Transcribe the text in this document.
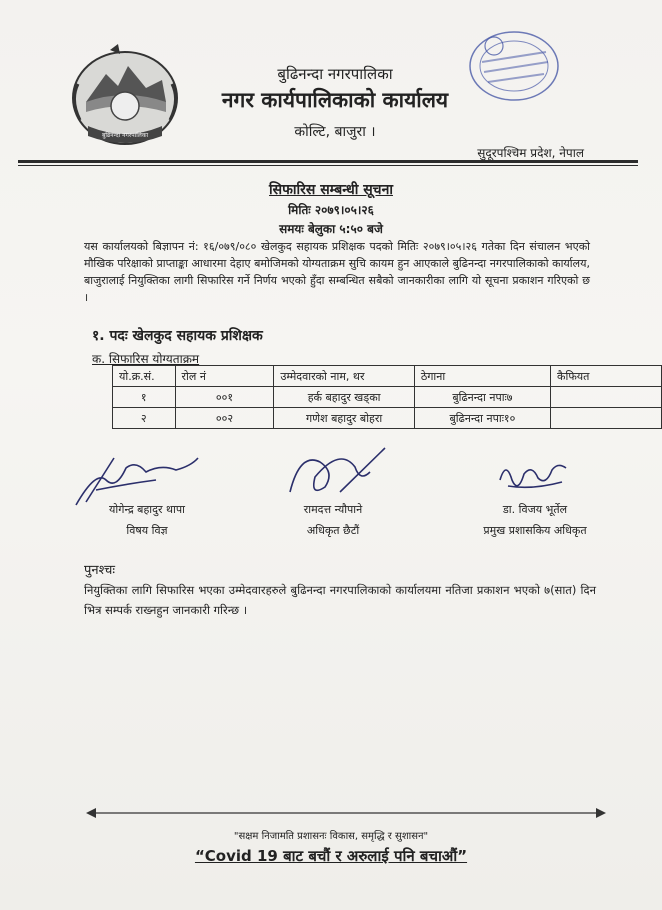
बुढिनन्दा नगरपालिका
बुढिनन्दा नगरपालिका
नगर कार्यपालिकाको कार्यालय
कोल्टि, बाजुरा ।
सुदूरपश्चिम प्रदेश, नेपाल
सिफारिस सम्बन्धी सूचना
मितिः २०७९।०५।२६
समयः बेलुका ५:५० बजे
यस कार्यालयको बिज्ञापन नं: १६/०७९/०८० खेलकुद सहायक प्रशिक्षक पदको मितिः २०७९।०५।२६ गतेका दिन संचालन भएको मौखिक परिक्षाको प्राप्ताङ्का आधारमा देहाए बमोजिमको योग्यताक्रम सुचि कायम हुन आएकाले बुढिनन्दा नगरपालिकाको कार्यालय, बाजुरालाई नियुक्तिका लागी सिफारिस गर्ने निर्णय भएको हुँदा सम्बन्धित सबैको जानकारीका लागि यो सूचना प्रकाशन गरिएको छ ।
१. पदः खेलकुद सहायक प्रशिक्षक
क. सिफारिस योग्यताक्रम
यो.क्र.सं.	रोल नं	उम्मेदवारको नाम, थर	ठेगाना	कैफियत
१	००१	हर्क बहादुर खड्का	बुढिनन्दा नपाः७	
२	००२	गणेश बहादुर बोहरा	बुढिनन्दा नपाः१०	
योगेन्द्र बहादुर थापा
विषय विज्ञ
रामदत्त न्यौपाने
अधिकृत छैटौं
डा. विजय भूर्तेल
प्रमुख प्रशासकिय अधिकृत
पुनश्चः
नियुक्तिका लागि सिफारिस भएका उम्मेदवारहरुले बुढिनन्दा नगरपालिकाको कार्यालयमा नतिजा प्रकाशन भएको ७(सात) दिन भित्र सम्पर्क राख्नहुन जानकारी गरिन्छ ।
"सक्षम निजामति प्रशासनः विकास, समृद्धि र सुशासन"
“Covid 19 बाट बचौं र अरुलाई पनि बचाऔं”
